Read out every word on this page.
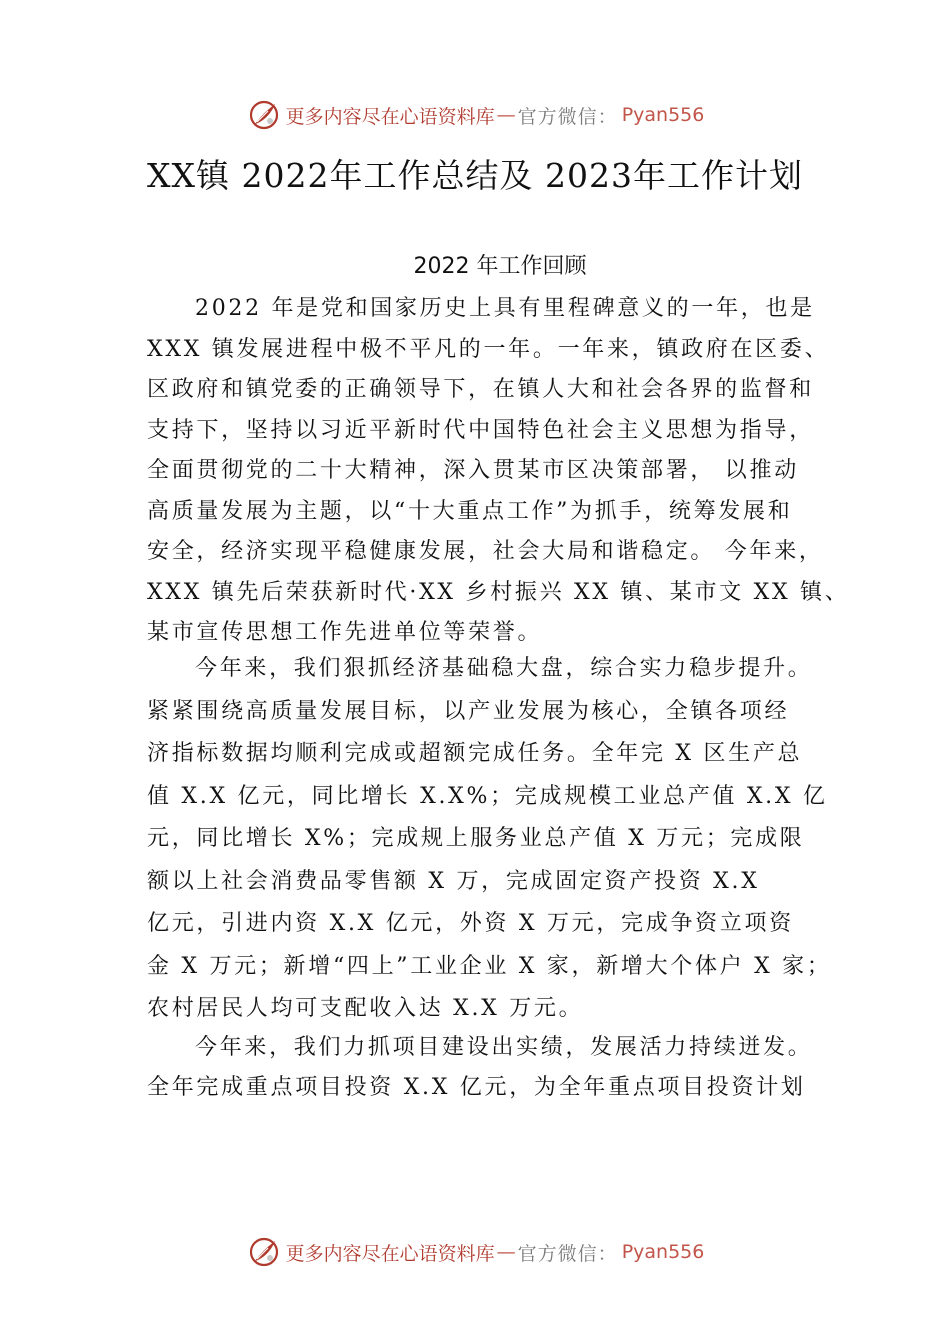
更多内容尽在心语资料库 — 官方微信： Pyan556
XX镇 2022年工作总结及 2023年工作计划
2022 年工作回顾
2022 年是党和国家历史上具有里程碑意义的一年，也是
XXX 镇发展进程中极不平凡的一年。一年来，镇政府在区委、
区政府和镇党委的正确领导下，在镇人大和社会各界的监督和
支持下，坚持以习近平新时代中国特色社会主义思想为指导，
全面贯彻党的二十大精神，深入贯某市区决策部署， 以推动
高质量发展为主题，以“十大重点工作”为抓手，统筹发展和
安全，经济实现平稳健康发展，社会大局和谐稳定。 今年来，
XXX 镇先后荣获新时代·XX 乡村振兴 XX 镇、某市文 XX 镇、
某市宣传思想工作先进单位等荣誉。
今年来，我们狠抓经济基础稳大盘，综合实力稳步提升。
紧紧围绕高质量发展目标，以产业发展为核心，全镇各项经
济指标数据均顺利完成或超额完成任务。全年完 X 区生产总
值 X.X 亿元，同比增长 X.X%；完成规模工业总产值 X.X 亿
元，同比增长 X%；完成规上服务业总产值 X 万元；完成限
额以上社会消费品零售额 X 万，完成固定资产投资 X.X
亿元，引进内资 X.X 亿元，外资 X 万元，完成争资立项资
金 X 万元；新增“四上”工业企业 X 家，新增大个体户 X 家；
农村居民人均可支配收入达 X.X 万元。
今年来，我们力抓项目建设出实绩，发展活力持续迸发。
全年完成重点项目投资 X.X 亿元，为全年重点项目投资计划
更多内容尽在心语资料库 — 官方微信： Pyan556
